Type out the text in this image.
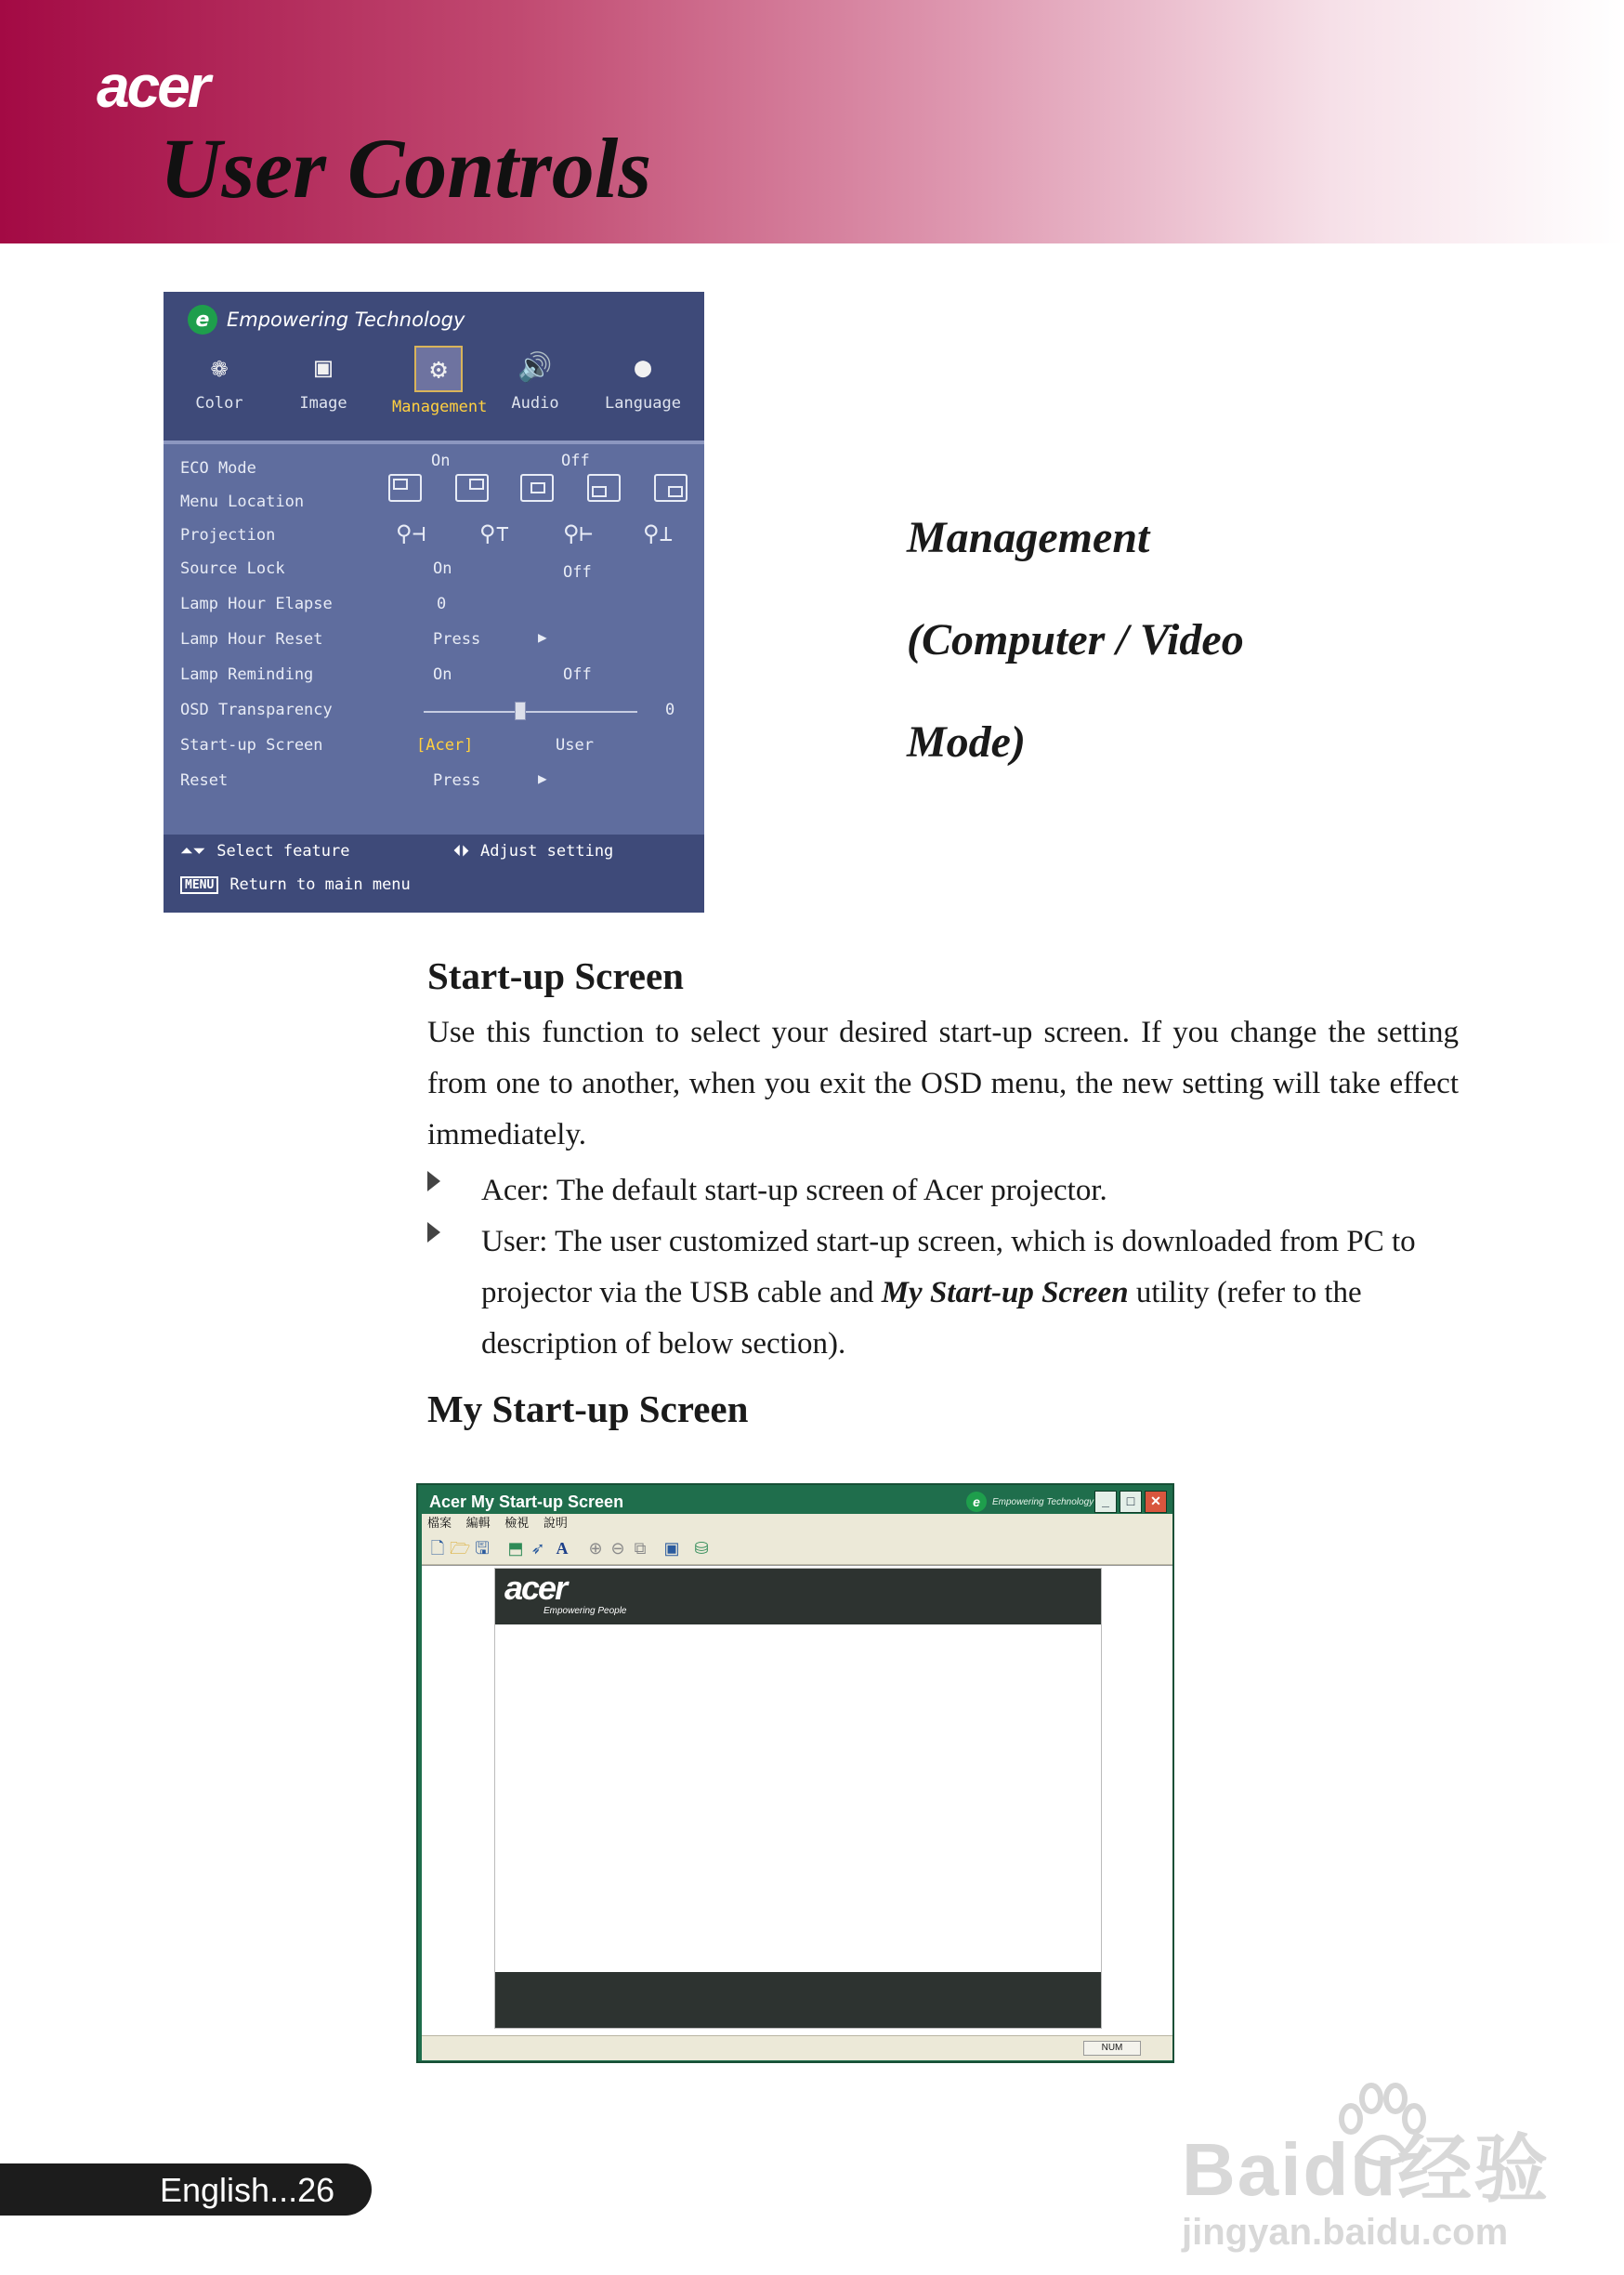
acer
User Controls
e Empowering Technology
❁
Color
▣
Image
⚙
Management
🔊
Audio
●
Language
ECO Mode	On	Off
Menu Location
Projection	⚲⊣ ⚲⊤ ⚲⊢ ⚲⊥
Source Lock	On	Off
Lamp Hour Elapse	0
Lamp Hour Reset	Press	▶
Lamp Reminding	On	Off
OSD Transparency	0
Start-up Screen	[Acer]	User
Reset	Press	▶
⏶⏷ Select feature	⏴⏵ Adjust setting
MENU Return to main menu
Management
(Computer / Video
Mode)
Start-up Screen
Use this function to select your desired start-up screen. If you change the setting from one to another, when you exit the OSD menu, the new setting will take effect immediately.
Acer: The default start-up screen of Acer projector.
User: The user customized start-up screen, which is downloaded from PC to projector via the USB cable and My Start-up Screen utility (refer to the description of below section).
My Start-up Screen
Acer My Start-up Screen	e	Empowering Technology _	□	✕
檔案 編輯 檢視 說明
🗋 🗁 🖫 ⬒ ➶ A ⊕ ⊖ ⧉ ▣ ⛁
acer
Empowering People
NUM
English...26	Baidu经验
jingyan.baidu.com
